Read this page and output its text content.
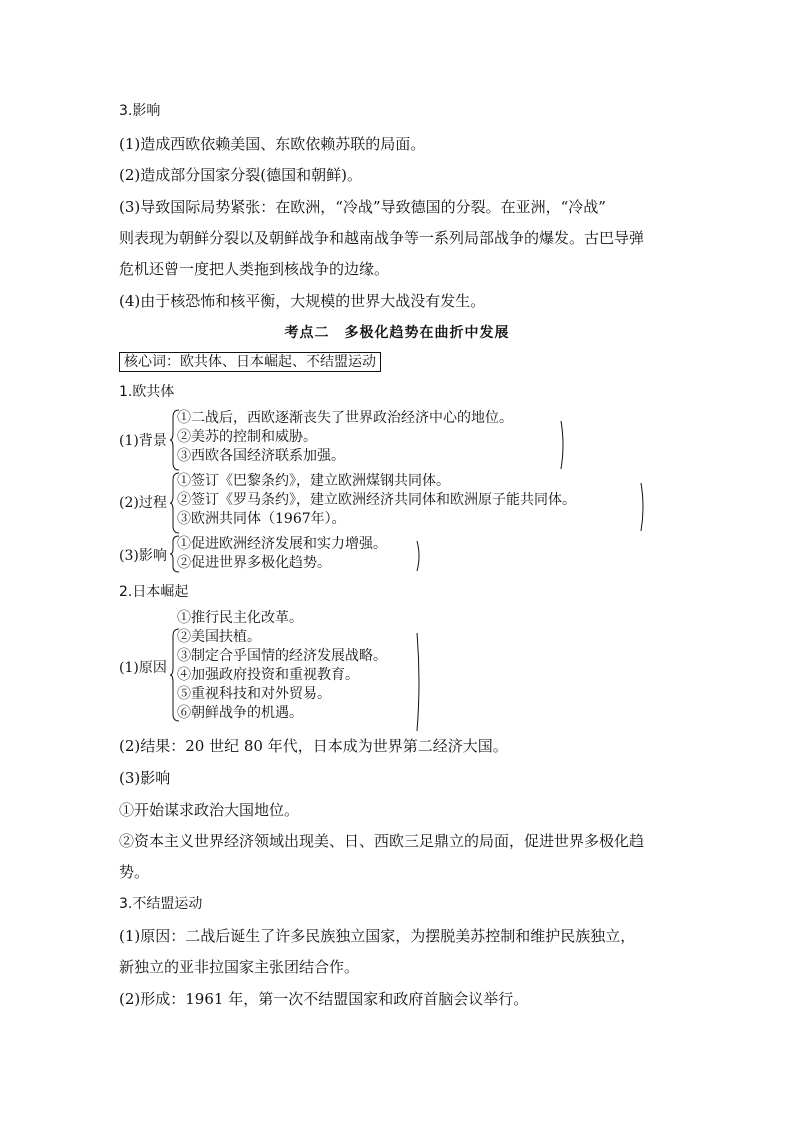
3.影响
(1)造成西欧依赖美国、东欧依赖苏联的局面。
(2)造成部分国家分裂(德国和朝鲜)。
(3)导致国际局势紧张：在欧洲，“冷战”导致德国的分裂。在亚洲，“冷战”
则表现为朝鲜分裂以及朝鲜战争和越南战争等一系列局部战争的爆发。古巴导弹
危机还曾一度把人类拖到核战争的边缘。
(4)由于核恐怖和核平衡，大规模的世界大战没有发生。
考点二　多极化趋势在曲折中发展
核心词：欧共体、日本崛起、不结盟运动
1.欧共体
(1)背景
①二战后，西欧逐渐丧失了世界政治经济中心的地位。
②美苏的控制和威胁。
③西欧各国经济联系加强。
(2)过程
①签订《巴黎条约》，建立欧洲煤钢共同体。
②签订《罗马条约》，建立欧洲经济共同体和欧洲原子能共同体。
③欧洲共同体（1967年）。
(3)影响
①促进欧洲经济发展和实力增强。
②促进世界多极化趋势。
2.日本崛起
(1)原因
①推行民主化改革。
②美国扶植。
③制定合乎国情的经济发展战略。
④加强政府投资和重视教育。
⑤重视科技和对外贸易。
⑥朝鲜战争的机遇。
(2)结果：20 世纪 80 年代，日本成为世界第二经济大国。
(3)影响
①开始谋求政治大国地位。
②资本主义世界经济领域出现美、日、西欧三足鼎立的局面，促进世界多极化趋
势。
3.不结盟运动
(1)原因：二战后诞生了许多民族独立国家，为摆脱美苏控制和维护民族独立，
新独立的亚非拉国家主张团结合作。
(2)形成：1961 年，第一次不结盟国家和政府首脑会议举行。
